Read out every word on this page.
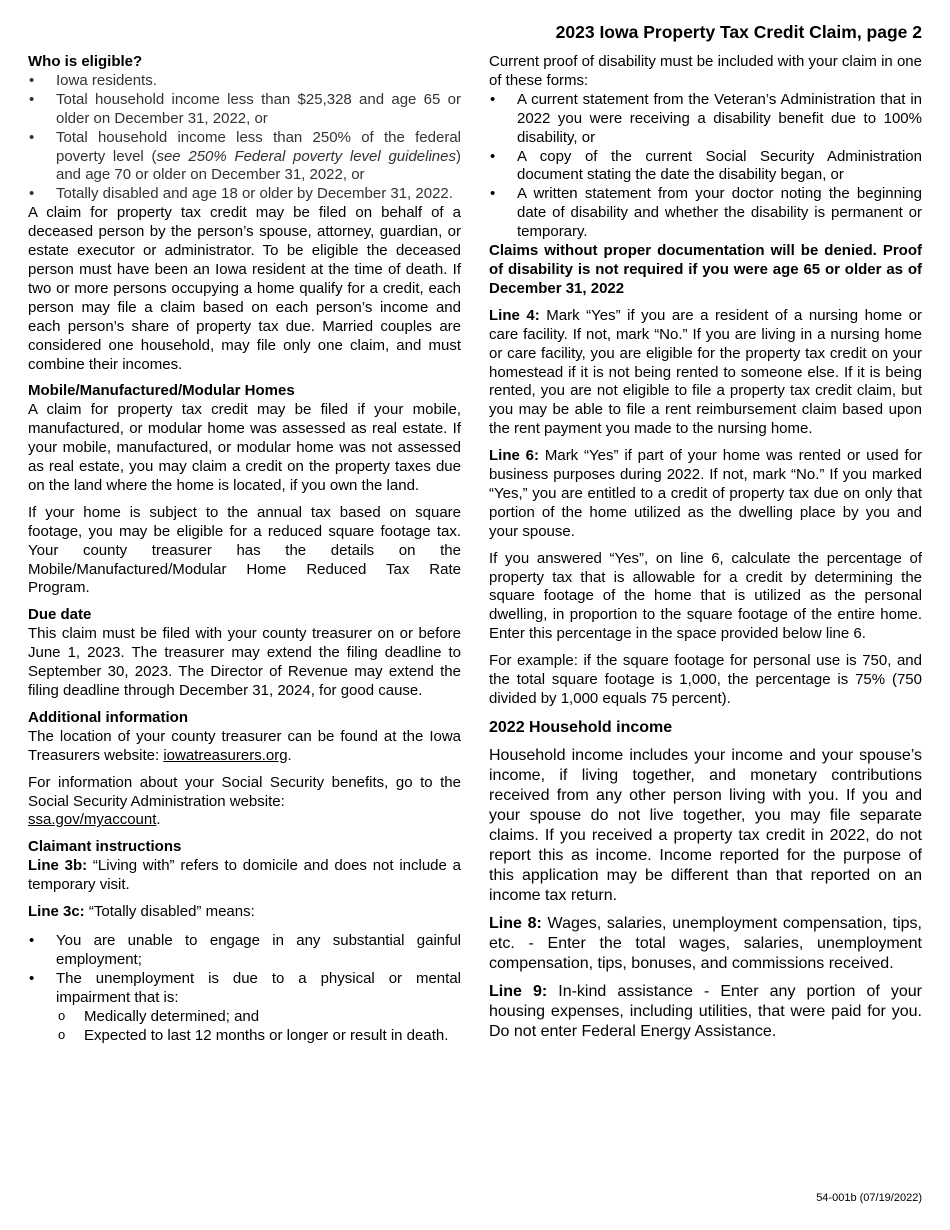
2023 Iowa Property Tax Credit Claim, page 2
Who is eligible?
• Iowa residents.
• Total household income less than $25,328 and age 65 or older on December 31, 2022, or
• Total household income less than 250% of the federal poverty level (see 250% Federal poverty level guidelines) and age 70 or older on December 31, 2022, or
• Totally disabled and age 18 or older by December 31, 2022.

A claim for property tax credit may be filed on behalf of a deceased person by the person’s spouse, attorney, guardian, or estate executor or administrator. To be eligible the deceased person must have been an Iowa resident at the time of death. If two or more persons occupying a home qualify for a credit, each person may file a claim based on each person’s income and each person’s share of property tax due. Married couples are considered one household, may file only one claim, and must combine their incomes.

Mobile/Manufactured/Modular Homes

A claim for property tax credit may be filed if your mobile, manufactured, or modular home was assessed as real estate. If your mobile, manufactured, or modular home was not assessed as real estate, you may claim a credit on the property taxes due on the land where the home is located, if you own the land.

If your home is subject to the annual tax based on square footage, you may be eligible for a reduced square footage tax. Your county treasurer has the details on the Mobile/Manufactured/Modular Home Reduced Tax Rate Program.

Due date

This claim must be filed with your county treasurer on or before June 1, 2023. The treasurer may extend the filing deadline to September 30, 2023. The Director of Revenue may extend the filing deadline through December 31, 2024, for good cause.

Additional information

The location of your county treasurer can be found at the Iowa Treasurers website: iowatreasurers.org.

For information about your Social Security benefits, go to the Social Security Administration website:
ssa.gov/myaccount.

Claimant instructions

Line 3b: “Living with” refers to domicile and does not include a temporary visit.

Line 3c: “Totally disabled” means:

• You are unable to engage in any substantial gainful employment;
• The unemployment is due to a physical or mental impairment that is:
o Medically determined; and
o Expected to last 12 months or longer or result in death.

Current proof of disability must be included with your claim in one of these forms:

• A current statement from the Veteran’s Administration that in 2022 you were receiving a disability benefit due to 100% disability, or
• A copy of the current Social Security Administration document stating the date the disability began, or
• A written statement from your doctor noting the beginning date of disability and whether the disability is permanent or temporary.

Claims without proper documentation will be denied. Proof of disability is not required if you were age 65 or older as of December 31, 2022

Line 4: Mark “Yes” if you are a resident of a nursing home or care facility. If not, mark “No.” If you are living in a nursing home or care facility, you are eligible for the property tax credit on your homestead if it is not being rented to someone else. If it is being rented, you are not eligible to file a property tax credit claim, but you may be able to file a rent reimbursement claim based upon the rent payment you made to the nursing home.

Line 6: Mark “Yes” if part of your home was rented or used for business purposes during 2022. If not, mark “No.” If you marked “Yes,” you are entitled to a credit of property tax due on only that portion of the home utilized as the dwelling place by you and your spouse.

If you answered “Yes”, on line 6, calculate the percentage of property tax that is allowable for a credit by determining the square footage of the home that is utilized as the personal dwelling, in proportion to the square footage of the entire home. Enter this percentage in the space provided below line 6.

For example: if the square footage for personal use is 750, and the total square footage is 1,000, the percentage is 75% (750 divided by 1,000 equals 75 percent).

2022 Household income

Household income includes your income and your spouse’s income, if living together, and monetary contributions received from any other person living with you. If you and your spouse do not live together, you may file separate claims. If you received a property tax credit in 2022, do not report this as income. Income reported for the purpose of this application may be different than that reported on an income tax return.

Line 8: Wages, salaries, unemployment compensation, tips, etc. - Enter the total wages, salaries, unemployment compensation, tips, bonuses, and commissions received.

Line 9: In-kind assistance - Enter any portion of your housing expenses, including utilities, that were paid for you. Do not enter Federal Energy Assistance.

54-001b (07/19/2022)
